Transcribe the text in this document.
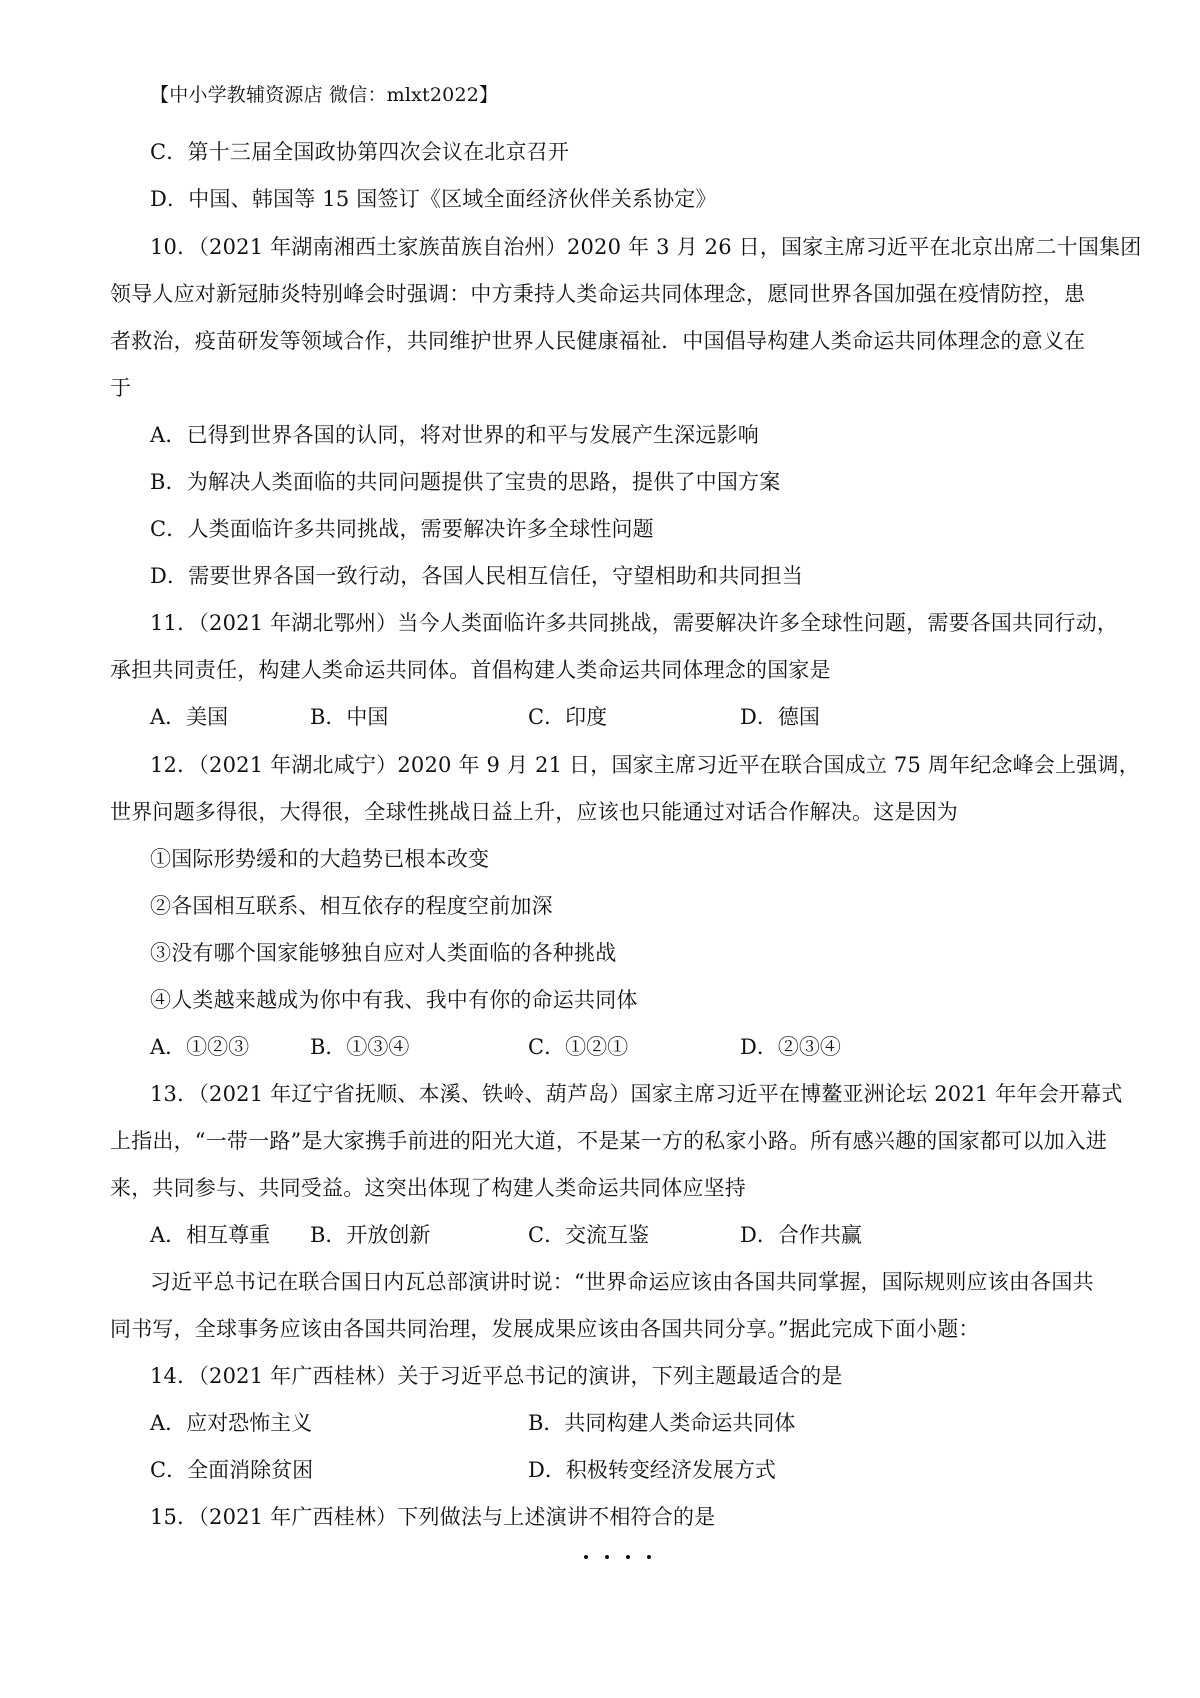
【中小学教辅资源店 微信：mlxt2022】
C．第十三届全国政协第四次会议在北京召开
D．中国、韩国等 15 国签订《区域全面经济伙伴关系协定》
10．（2021 年湖南湘西土家族苗族自治州）2020 年 3 月 26 日，国家主席习近平在北京出席二十国集团
领导人应对新冠肺炎特别峰会时强调：中方秉持人类命运共同体理念，愿同世界各国加强在疫情防控，患
者救治，疫苗研发等领域合作，共同维护世界人民健康福祉．中国倡导构建人类命运共同体理念的意义在
于
A．已得到世界各国的认同，将对世界的和平与发展产生深远影响
B．为解决人类面临的共同问题提供了宝贵的思路，提供了中国方案
C．人类面临许多共同挑战，需要解决许多全球性问题
D．需要世界各国一致行动，各国人民相互信任，守望相助和共同担当
11．（2021 年湖北鄂州）当今人类面临许多共同挑战，需要解决许多全球性问题，需要各国共同行动，
承担共同责任，构建人类命运共同体。首倡构建人类命运共同体理念的国家是
A．美国	B．中国	C．印度	D．德国
12．（2021 年湖北咸宁）2020 年 9 月 21 日，国家主席习近平在联合国成立 75 周年纪念峰会上强调，
世界问题多得很，大得很，全球性挑战日益上升，应该也只能通过对话合作解决。这是因为
①国际形势缓和的大趋势已根本改变
②各国相互联系、相互依存的程度空前加深
③没有哪个国家能够独自应对人类面临的各种挑战
④人类越来越成为你中有我、我中有你的命运共同体
A．①②③	B．①③④	C．①②①	D．②③④
13．（2021 年辽宁省抚顺、本溪、铁岭、葫芦岛）国家主席习近平在博鳌亚洲论坛 2021 年年会开幕式
上指出，“一带一路”是大家携手前进的阳光大道，不是某一方的私家小路。所有感兴趣的国家都可以加入进
来，共同参与、共同受益。这突出体现了构建人类命运共同体应坚持
A．相互尊重 B．开放创新	C．交流互鉴	D．合作共赢
习近平总书记在联合国日内瓦总部演讲时说：“世界命运应该由各国共同掌握，国际规则应该由各国共
同书写，全球事务应该由各国共同治理，发展成果应该由各国共同分享。”据此完成下面小题：
14．（2021 年广西桂林）关于习近平总书记的演讲，下列主题最适合的是
A．应对恐怖主义	B．共同构建人类命运共同体
C．全面消除贫困	D．积极转变经济发展方式
15．（2021 年广西桂林）下列做法与上述演讲不相符合的是
